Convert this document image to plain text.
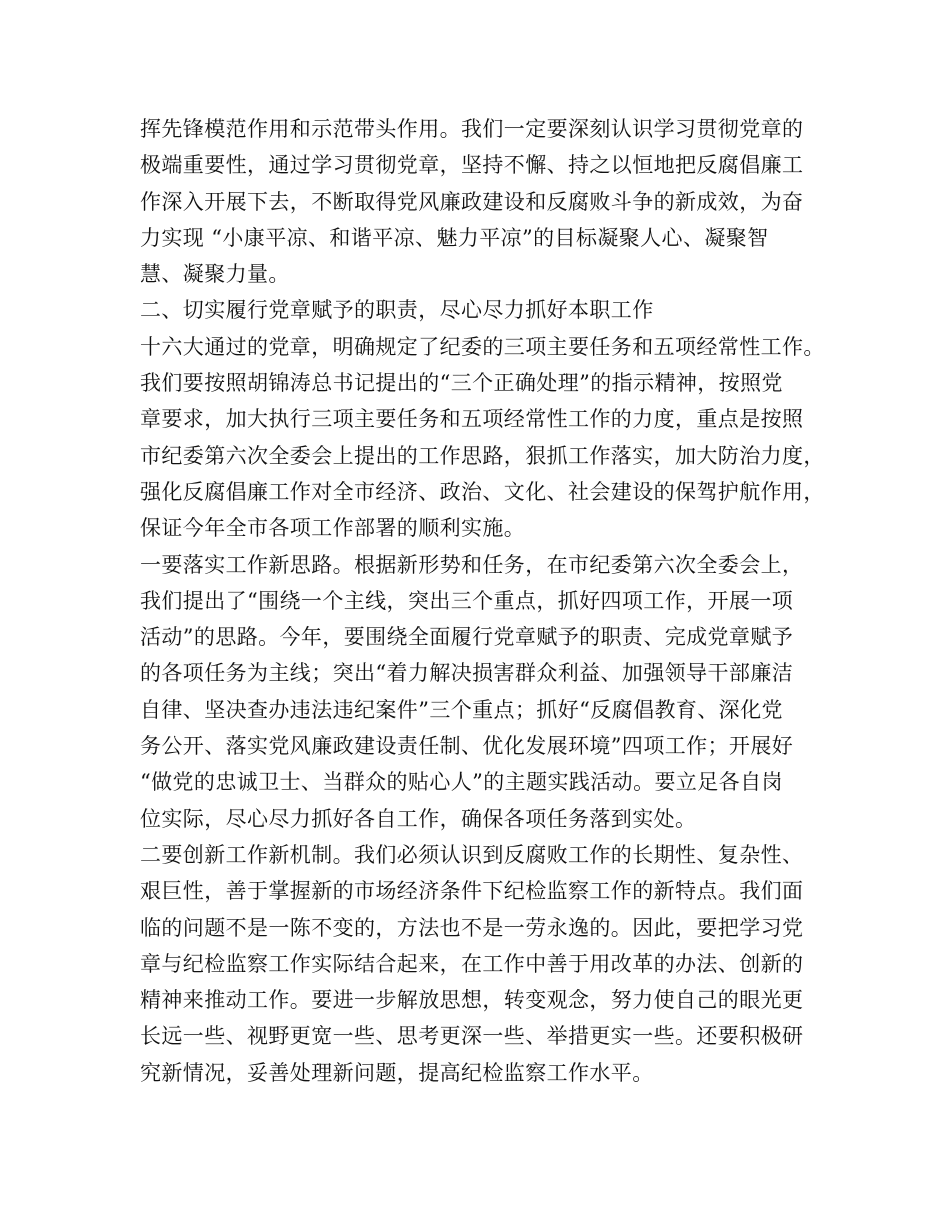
挥先锋模范作用和示范带头作用。我们一定要深刻认识学习贯彻党章的
极端重要性，通过学习贯彻党章，坚持不懈、持之以恒地把反腐倡廉工
作深入开展下去，不断取得党风廉政建设和反腐败斗争的新成效，为奋
力实现 “小康平凉、和谐平凉、魅力平凉”的目标凝聚人心、凝聚智
慧、凝聚力量。
二、切实履行党章赋予的职责，尽心尽力抓好本职工作
十六大通过的党章，明确规定了纪委的三项主要任务和五项经常性工作。
我们要按照胡锦涛总书记提出的“三个正确处理”的指示精神，按照党
章要求，加大执行三项主要任务和五项经常性工作的力度，重点是按照
市纪委第六次全委会上提出的工作思路，狠抓工作落实，加大防治力度，
强化反腐倡廉工作对全市经济、政治、文化、社会建设的保驾护航作用，
保证今年全市各项工作部署的顺利实施。
一要落实工作新思路。根据新形势和任务，在市纪委第六次全委会上，
我们提出了“围绕一个主线，突出三个重点，抓好四项工作，开展一项
活动”的思路。今年，要围绕全面履行党章赋予的职责、完成党章赋予
的各项任务为主线；突出“着力解决损害群众利益、加强领导干部廉洁
自律、坚决查办违法违纪案件”三个重点；抓好“反腐倡教育、深化党
务公开、落实党风廉政建设责任制、优化发展环境”四项工作；开展好
“做党的忠诚卫士、当群众的贴心人”的主题实践活动。要立足各自岗
位实际，尽心尽力抓好各自工作，确保各项任务落到实处。
二要创新工作新机制。我们必须认识到反腐败工作的长期性、复杂性、
艰巨性，善于掌握新的市场经济条件下纪检监察工作的新特点。我们面
临的问题不是一陈不变的，方法也不是一劳永逸的。因此，要把学习党
章与纪检监察工作实际结合起来，在工作中善于用改革的办法、创新的
精神来推动工作。要进一步解放思想，转变观念，努力使自己的眼光更
长远一些、视野更宽一些、思考更深一些、举措更实一些。还要积极研
究新情况，妥善处理新问题，提高纪检监察工作水平。
